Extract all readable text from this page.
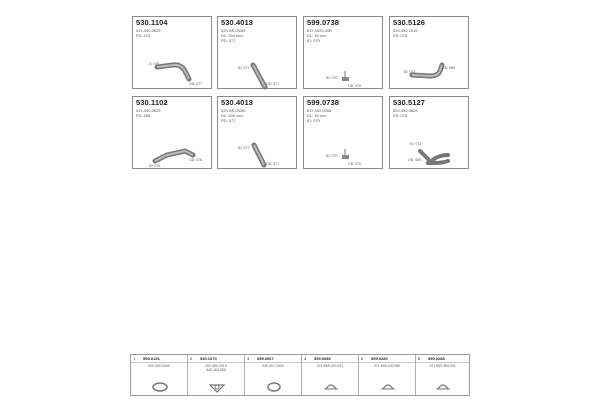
530.1104
021.490.0625
FD: 475
D: 075
OD: 077
530.4013
020.490.0055
DL: 254 mm
PD: 077
ID: 077
OD: 077
599.0738
61T.4520.00B
DL: 16 mm
ID: 070
ID: 070
OD: 070
530.5126
024.490.1019
FD: 075
ID: 073
OD: 069
530.1102
021.490.0625
FD: 455
ID: 075
OD: 076
530.4013
020.490.0056
DL: 200 mm
PD: 077
ID: 077
OD: 077
599.0738
61T.452.0008
DL: 16 mm
ID: 070
ID: 070
OD: 070
530.5127
524.490.0625
FD: 075
ID: 073
OD: 069
1 599.0126
020.400.0444
2 530.1070
002.400.0019
940.464.008
3 599.0067
020.007.0400
4 599.0086
071.555.100.001
5 599.0280
071.555.100.080
6 599.0288
071.555.354.001
